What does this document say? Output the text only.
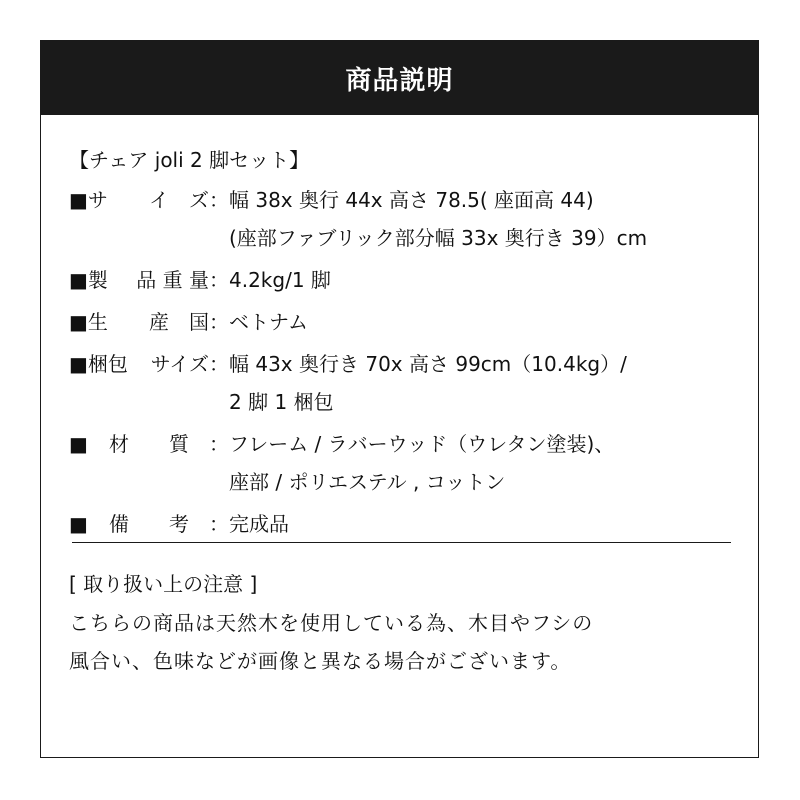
商品説明
【チェア joli 2 脚セット】
■サ イ　ズ： 幅 38x 奥行 44x 高さ 78.5( 座面高 44)
(座部ファブリック部分幅 33x 奥行き 39）cm
■製 品 重 量： 4.2kg/1 脚
■生 産　国： ベトナム
■梱包 サイズ： 幅 43x 奥行き 70x 高さ 99cm（10.4kg）/
2 脚 1 梱包
■ 材　　質　： フレーム / ラバーウッド（ウレタン塗装)、
座部 / ポリエステル , コットン
■ 備　　考　： 完成品
[ 取り扱い上の注意 ]
こちらの商品は天然木を使用している為、木目やフシの
風合い、色味などが画像と異なる場合がございます。
